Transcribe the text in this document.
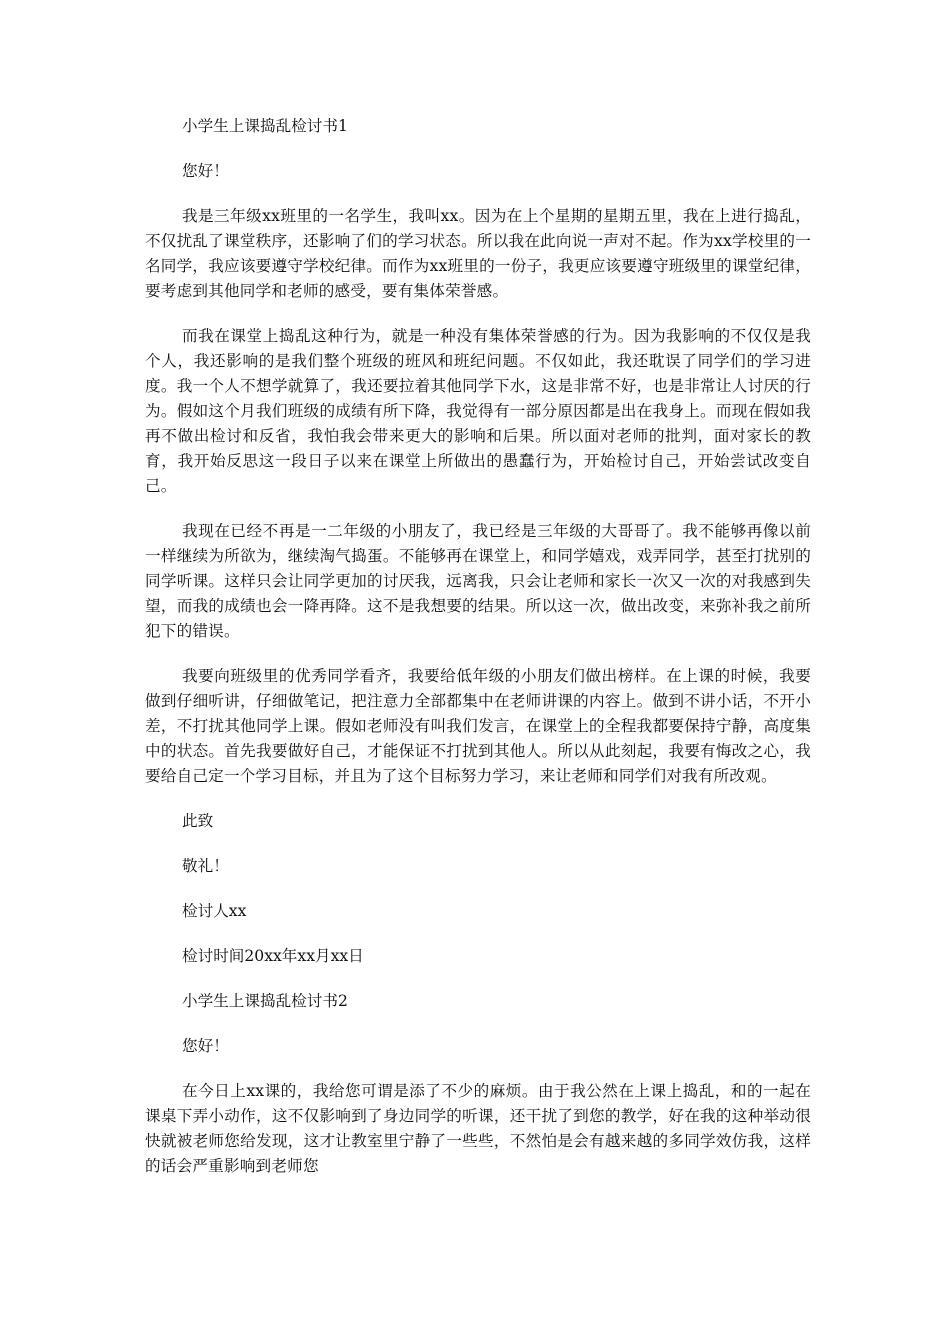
小学生上课捣乱检讨书1
您好！

我是三年级xx班里的一名学生，我叫xx。因为在上个星期的星期五里，我在上进行捣乱，不仅扰乱了课堂秩序，还影响了们的学习状态。所以我在此向说一声对不起。作为xx学校里的一名同学，我应该要遵守学校纪律。而作为xx班里的一份子，我更应该要遵守班级里的课堂纪律，要考虑到其他同学和老师的感受，要有集体荣誉感。

而我在课堂上捣乱这种行为，就是一种没有集体荣誉感的行为。因为我影响的不仅仅是我个人，我还影响的是我们整个班级的班风和班纪问题。不仅如此，我还耽误了同学们的学习进度。我一个人不想学就算了，我还要拉着其他同学下水，这是非常不好，也是非常让人讨厌的行为。假如这个月我们班级的成绩有所下降，我觉得有一部分原因都是出在我身上。而现在假如我再不做出检讨和反省，我怕我会带来更大的影响和后果。所以面对老师的批判，面对家长的教育，我开始反思这一段日子以来在课堂上所做出的愚蠢行为，开始检讨自己，开始尝试改变自己。

我现在已经不再是一二年级的小朋友了，我已经是三年级的大哥哥了。我不能够再像以前一样继续为所欲为，继续淘气捣蛋。不能够再在课堂上，和同学嬉戏，戏弄同学，甚至打扰别的同学听课。这样只会让同学更加的讨厌我，远离我，只会让老师和家长一次又一次的对我感到失望，而我的成绩也会一降再降。这不是我想要的结果。所以这一次，做出改变，来弥补我之前所犯下的错误。

我要向班级里的优秀同学看齐，我要给低年级的小朋友们做出榜样。在上课的时候，我要做到仔细听讲，仔细做笔记，把注意力全部都集中在老师讲课的内容上。做到不讲小话，不开小差，不打扰其他同学上课。假如老师没有叫我们发言，在课堂上的全程我都要保持宁静，高度集中的状态。首先我要做好自己，才能保证不打扰到其他人。所以从此刻起，我要有悔改之心，我要给自己定一个学习目标，并且为了这个目标努力学习，来让老师和同学们对我有所改观。

此致
敬礼！
检讨人xx
检讨时间20xx年xx月xx日
小学生上课捣乱检讨书2
您好！

在今日上xx课的，我给您可谓是添了不少的麻烦。由于我公然在上课上捣乱，和的一起在课桌下弄小动作，这不仅影响到了身边同学的听课，还干扰了到您的教学，好在我的这种举动很快就被老师您给发现，这才让教室里宁静了一些些，不然怕是会有越来越的多同学效仿我，这样的话会严重影响到老师您
